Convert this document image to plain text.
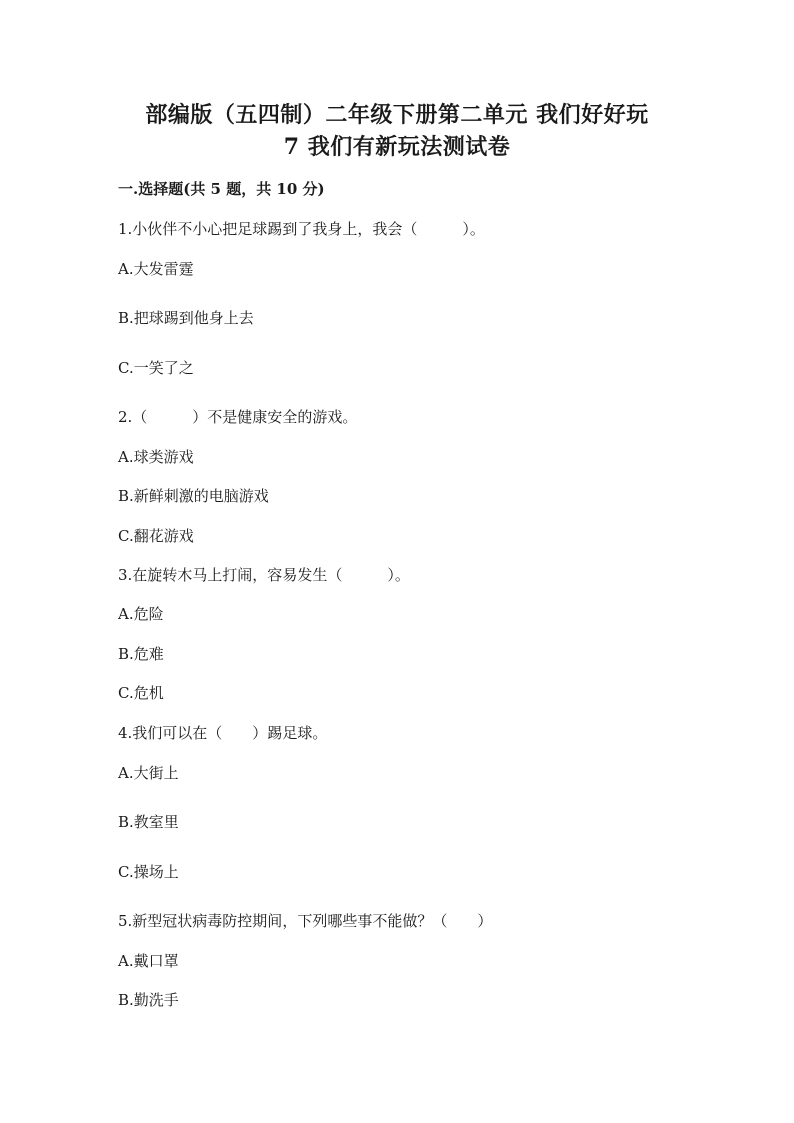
部编版（五四制）二年级下册第二单元 我们好好玩
7 我们有新玩法测试卷
一.选择题(共 5 题，共 10 分)
1.小伙伴不小心把足球踢到了我身上，我会（　　　）。
A.大发雷霆
B.把球踢到他身上去
C.一笑了之
2.（　　　）不是健康安全的游戏。
A.球类游戏
B.新鲜刺激的电脑游戏
C.翻花游戏
3.在旋转木马上打闹，容易发生（　　　）。
A.危险
B.危难
C.危机
4.我们可以在（　　）踢足球。
A.大街上
B.教室里
C.操场上
5.新型冠状病毒防控期间，下列哪些事不能做？（　　）
A.戴口罩
B.勤洗手
